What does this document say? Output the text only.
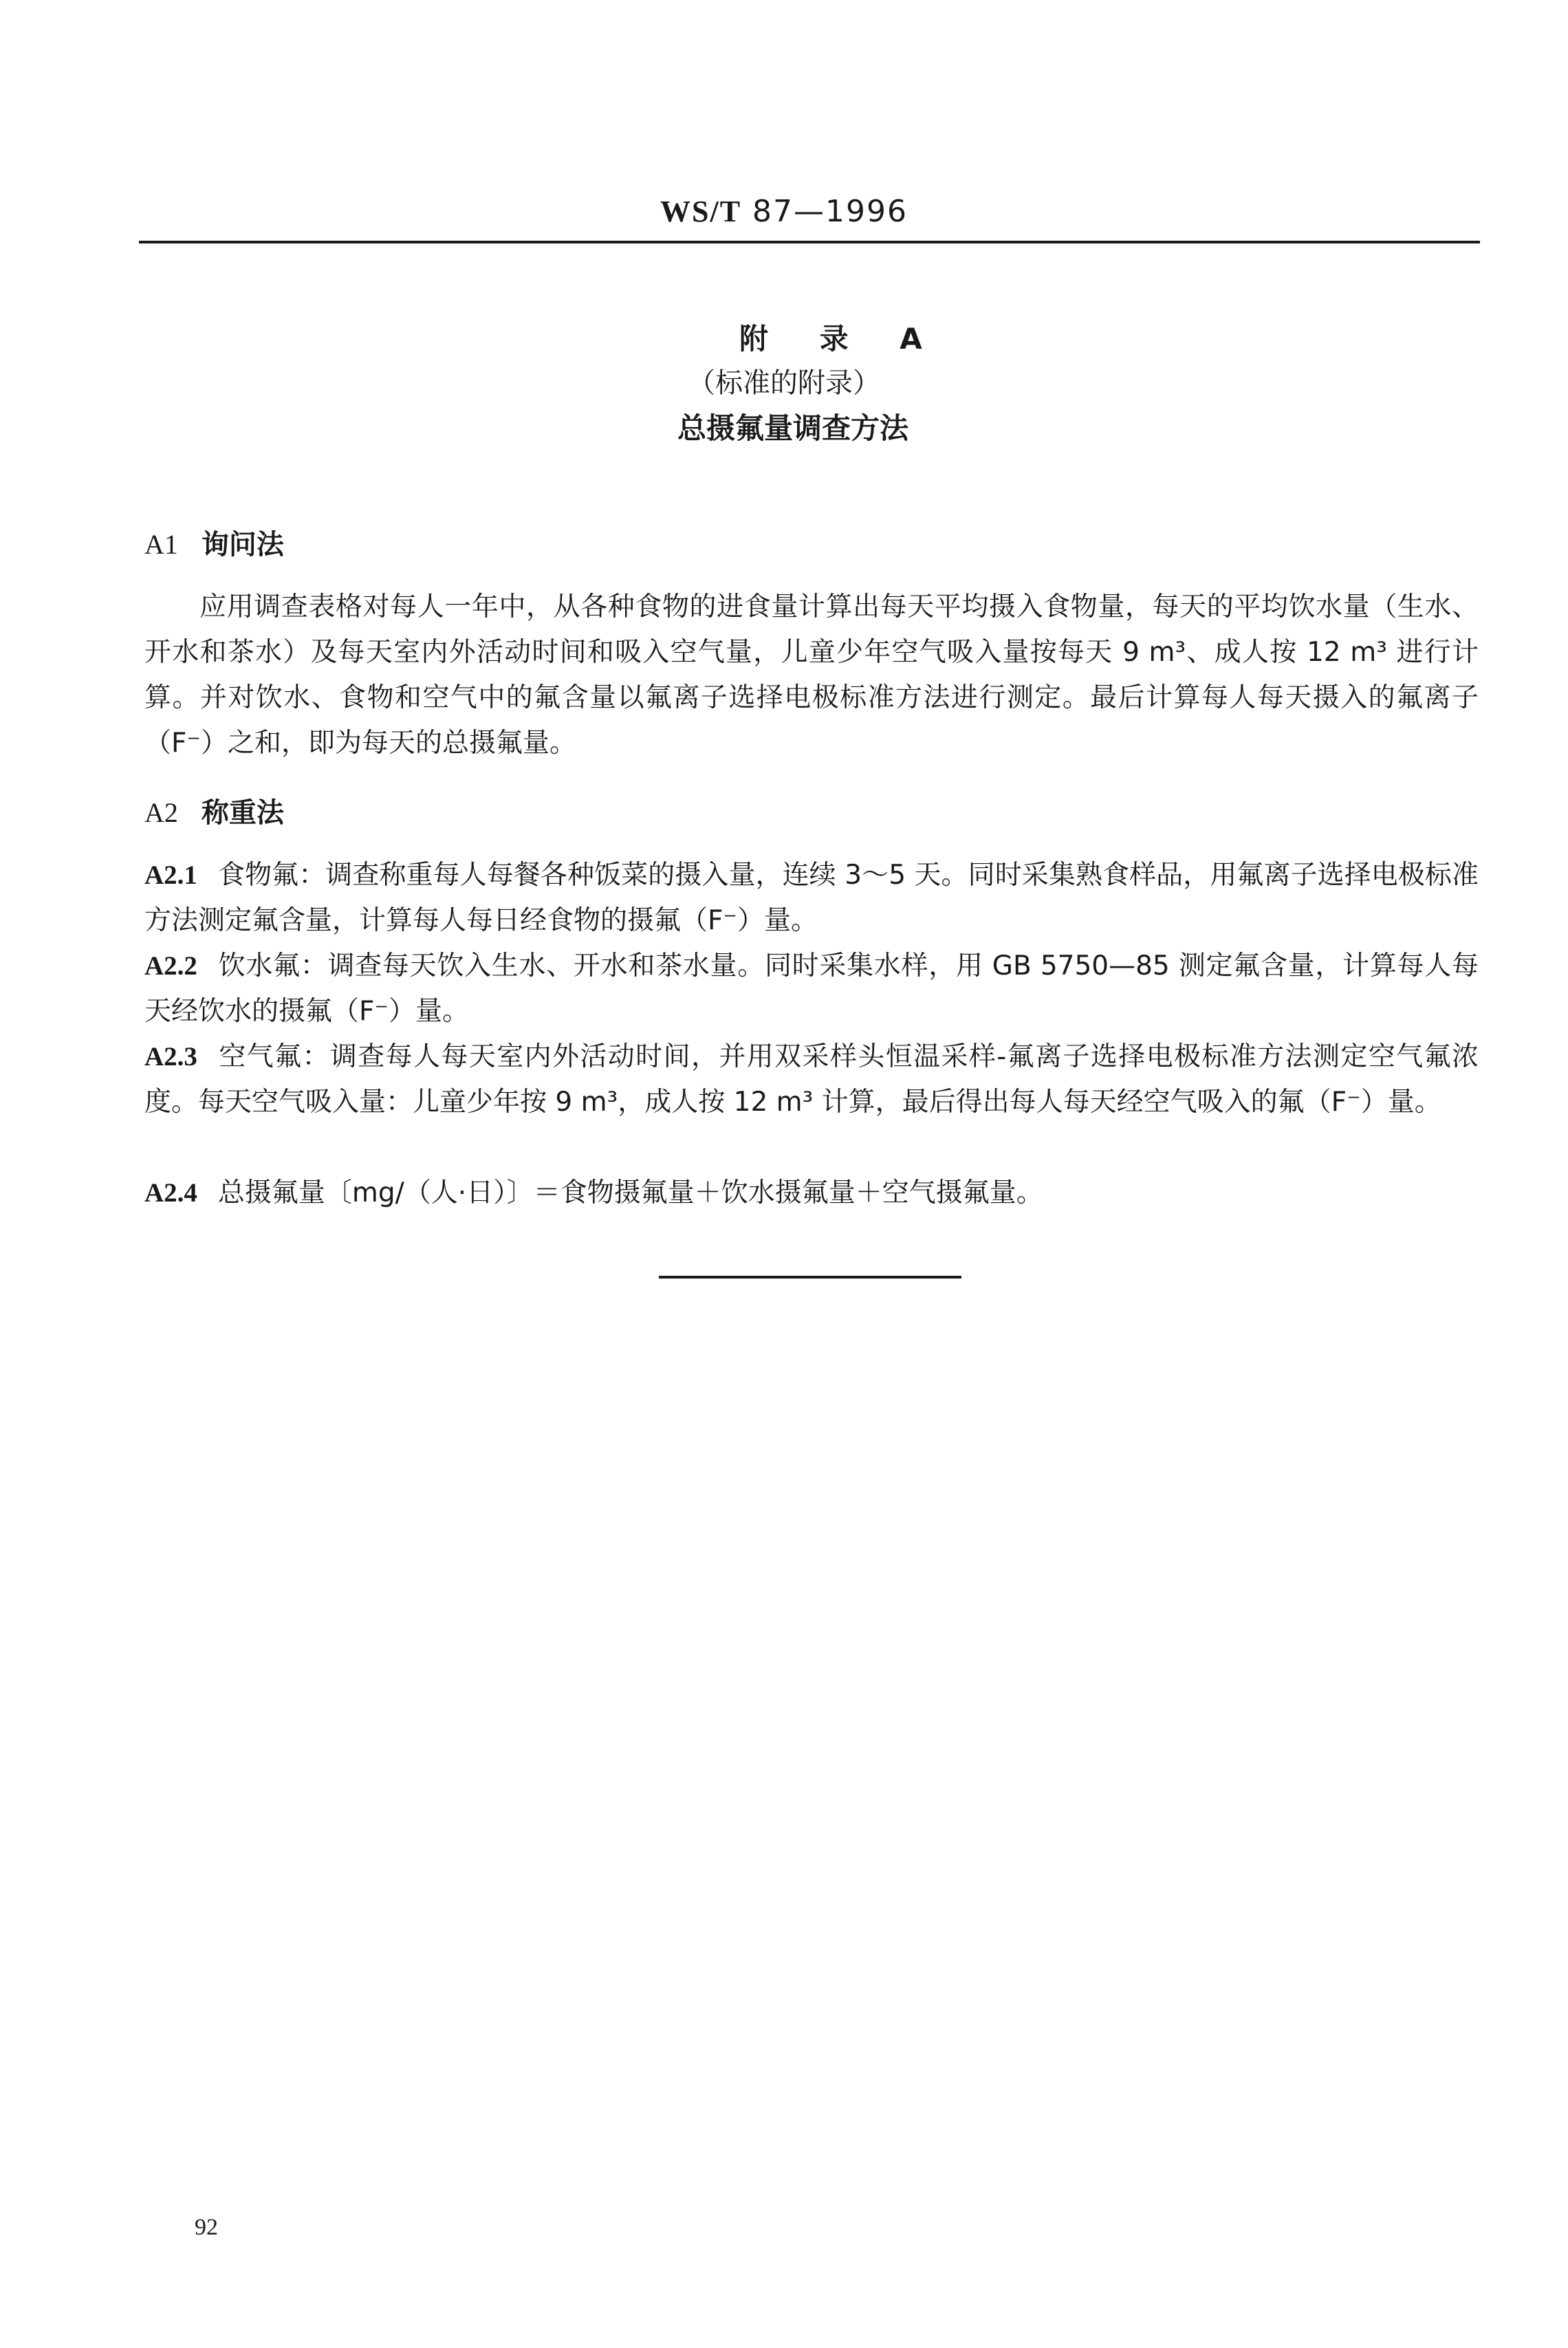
WS/T 87—1996
附 录 A
（标准的附录）
总摄氟量调查方法
A1 询问法
应用调查表格对每人一年中，从各种食物的进食量计算出每天平均摄入食物量，每天的平均饮水量（生水、开水和茶水）及每天室内外活动时间和吸入空气量，儿童少年空气吸入量按每天 9 m³、成人按 12 m³ 进行计算。并对饮水、食物和空气中的氟含量以氟离子选择电极标准方法进行测定。最后计算每人每天摄入的氟离子（F⁻）之和，即为每天的总摄氟量。
A2 称重法
A2.1 食物氟：调查称重每人每餐各种饭菜的摄入量，连续 3～5 天。同时采集熟食样品，用氟离子选择电极标准方法测定氟含量，计算每人每日经食物的摄氟（F⁻）量。
A2.2 饮水氟：调查每天饮入生水、开水和茶水量。同时采集水样，用 GB 5750—85 测定氟含量，计算每人每天经饮水的摄氟（F⁻）量。
A2.3 空气氟：调查每人每天室内外活动时间，并用双采样头恒温采样-氟离子选择电极标准方法测定空气氟浓度。每天空气吸入量：儿童少年按 9 m³，成人按 12 m³ 计算，最后得出每人每天经空气吸入的氟（F⁻）量。
A2.4 总摄氟量〔mg/（人·日）〕＝食物摄氟量＋饮水摄氟量＋空气摄氟量。
92
